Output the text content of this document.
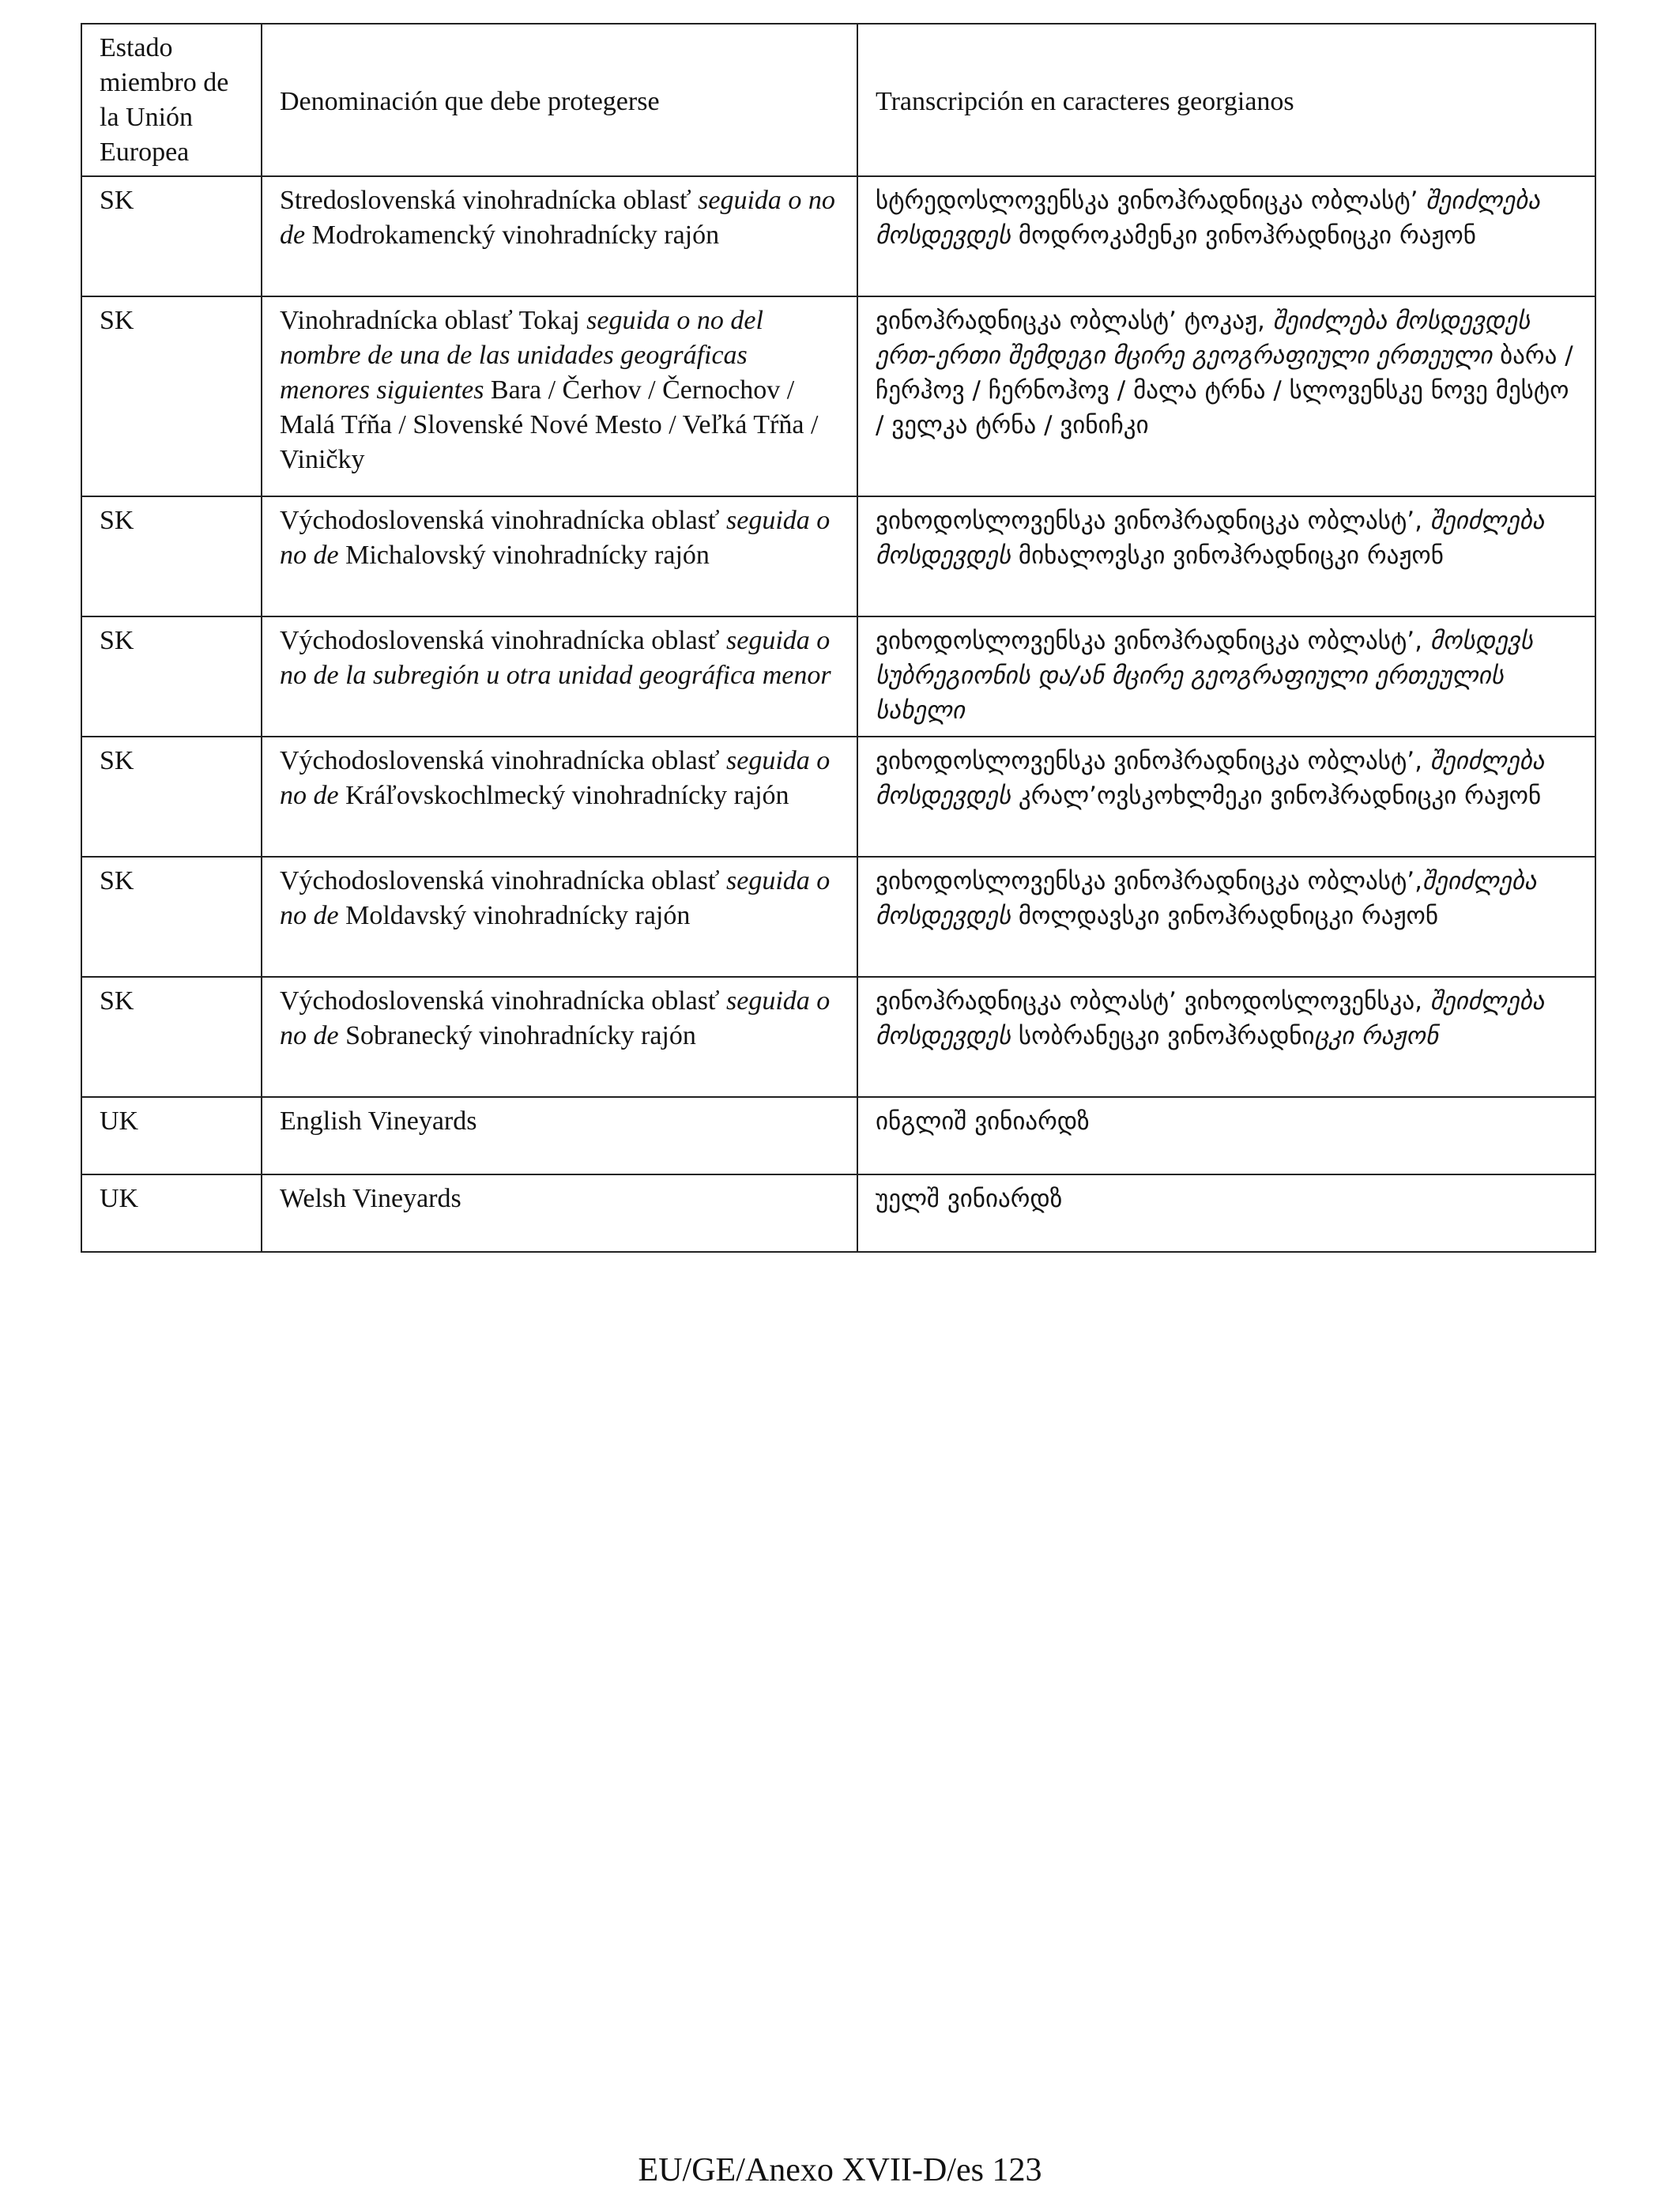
Estado miembro de la Unión Europea	Denominación que debe protegerse	Transcripción en caracteres georgianos
SK	Stredoslovenská vinohradnícka oblasť seguida o no de Modrokamencký vinohradnícky rajón	სტრედოსლოვენსკა ვინოჰრადნიცკა ობლასტ’ შეიძლება მოსდევდეს მოდროკამენკი ვინოჰრადნიცკი რაჟონ
SK	Vinohradnícka oblasť Tokaj seguida o no del nombre de una de las unidades geográficas menores siguientes Bara / Čerhov / Černochov / Malá Tŕňa / Slovenské Nové Mesto / Veľká Tŕňa / Viničky	ვინოჰრადნიცკა ობლასტ’ ტოკაჟ, შეიძლება მოსდევდეს ერთ-ერთი შემდეგი მცირე გეოგრაფიული ერთეული ბარა / ჩერჰოვ / ჩერნოჰოვ / მალა ტრნა / სლოვენსკე ნოვე მესტო / ველკა ტრნა / ვინიჩკი
SK	Východoslovenská vinohradnícka oblasť seguida o no de Michalovský vinohradnícky rajón	ვიხოდოსლოვენსკა ვინოჰრადნიცკა ობლასტ’, შეიძლება მოსდევდეს მიხალოვსკი ვინოჰრადნიცკი რაჟონ
SK	Východoslovenská vinohradnícka oblasť seguida o no de la subregión u otra unidad geográfica menor	ვიხოდოსლოვენსკა ვინოჰრადნიცკა ობლასტ’, მოსდევს სუბრეგიონის და/ან მცირე გეოგრაფიული ერთეულის სახელი
SK	Východoslovenská vinohradnícka oblasť seguida o no de Kráľovskochlmecký vinohradnícky rajón	ვიხოდოსლოვენსკა ვინოჰრადნიცკა ობლასტ’, შეიძლება მოსდევდეს კრალ’ოვსკოხლმეკი ვინოჰრადნიცკი რაჟონ
SK	Východoslovenská vinohradnícka oblasť seguida o no de Moldavský vinohradnícky rajón	ვიხოდოსლოვენსკა ვინოჰრადნიცკა ობლასტ’,შეიძლება მოსდევდეს მოლდავსკი ვინოჰრადნიცკი რაჟონ
SK	Východoslovenská vinohradnícka oblasť seguida o no de Sobranecký vinohradnícky rajón	ვინოჰრადნიცკა ობლასტ’ ვიხოდოსლოვენსკა, შეიძლება მოსდევდეს სობრანეცკი ვინოჰრადნიცკი რაჟონ
UK	English Vineyards	ინგლიშ ვინიარდზ
UK	Welsh Vineyards	უელშ ვინიარდზ
EU/GE/Anexo XVII-D/es 123
